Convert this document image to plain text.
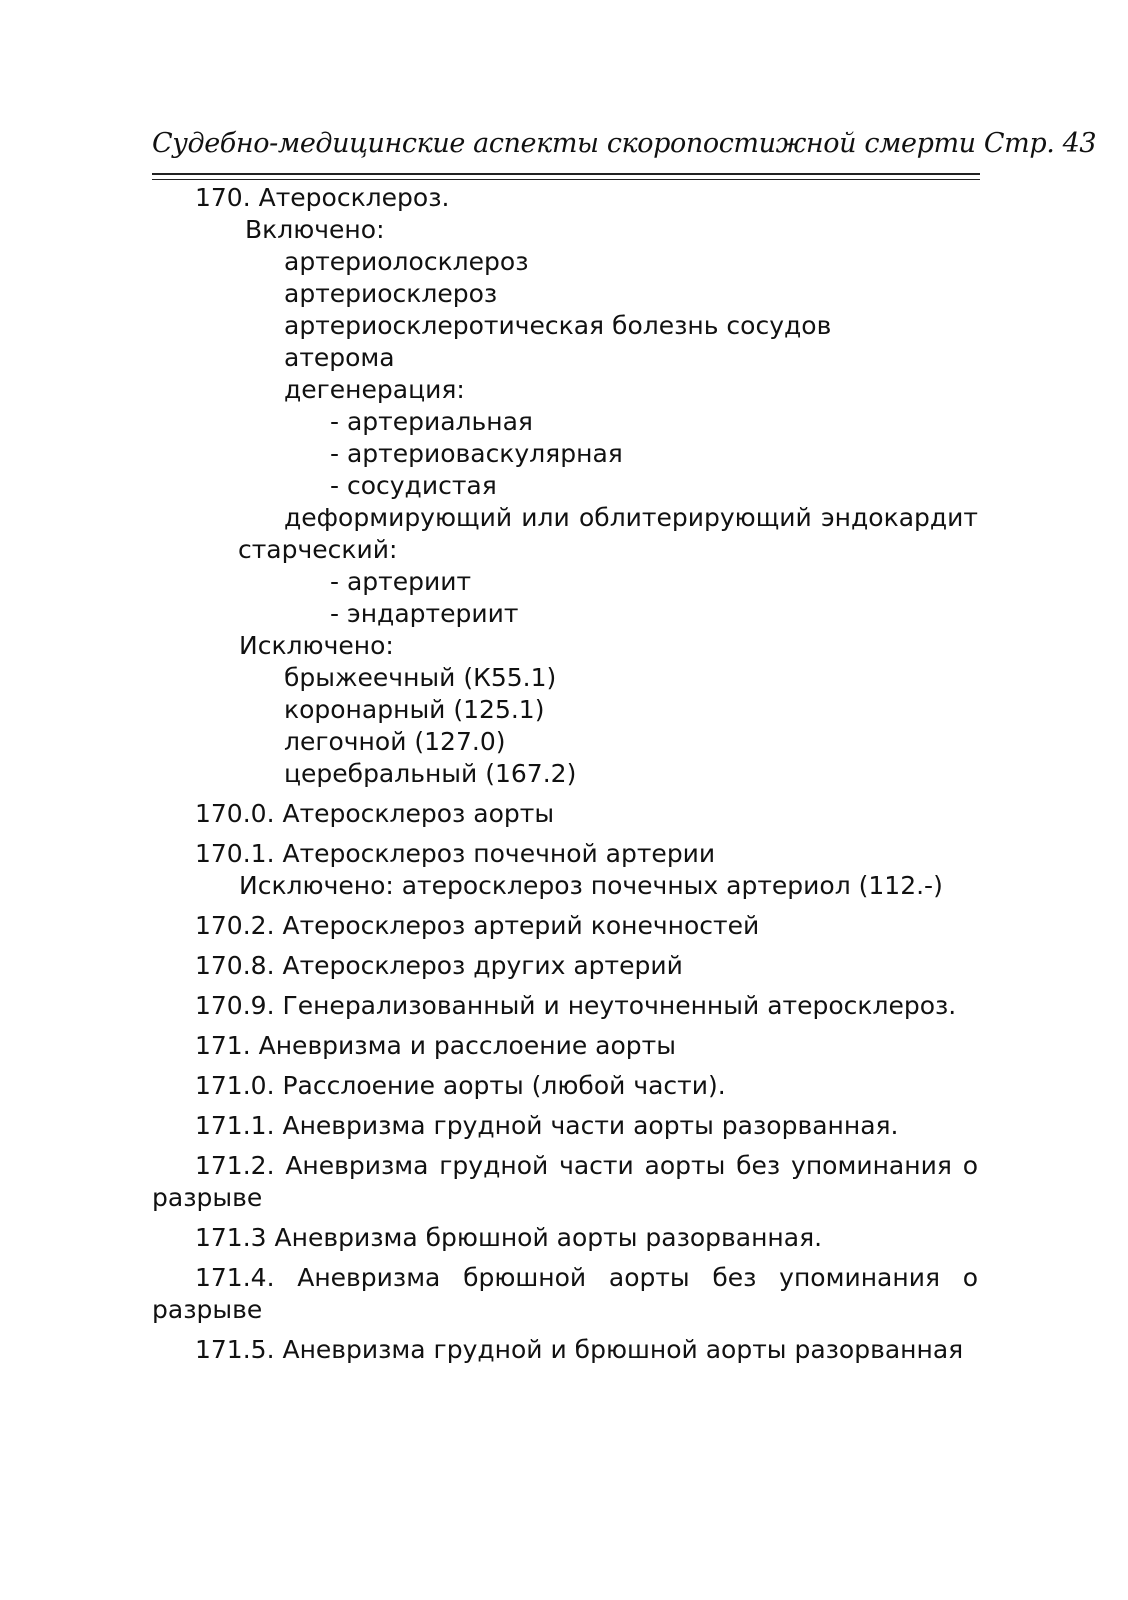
Судебно-медицинские аспекты скоропостижной смерти Стр. 43
170. Атеросклероз.
Включено:
артериолосклероз
артериосклероз
артериосклеротическая болезнь сосудов
атерома
дегенерация:
- артериальная
- артериоваскулярная
- сосудистая
деформирующий или облитерирующий эндокардит старческий:
- артериит
- эндартериит
Исключено:
брыжеечный (К55.1)
коронарный (125.1)
легочной (127.0)
церебральный (167.2)
170.0. Атеросклероз аорты
170.1. Атеросклероз почечной артерии
Исключено: атеросклероз почечных артериол (112.-)
170.2. Атеросклероз артерий конечностей
170.8. Атеросклероз других артерий
170.9. Генерализованный и неуточненный атеросклероз.
171. Аневризма и расслоение аорты
171.0. Расслоение аорты (любой части).
171.1. Аневризма грудной части аорты разорванная.
171.2. Аневризма грудной части аорты без упоминания о разрыве
171.3 Аневризма брюшной аорты разорванная.
171.4. Аневризма брюшной аорты без упоминания о разрыве
171.5. Аневризма грудной и брюшной аорты разорванная
